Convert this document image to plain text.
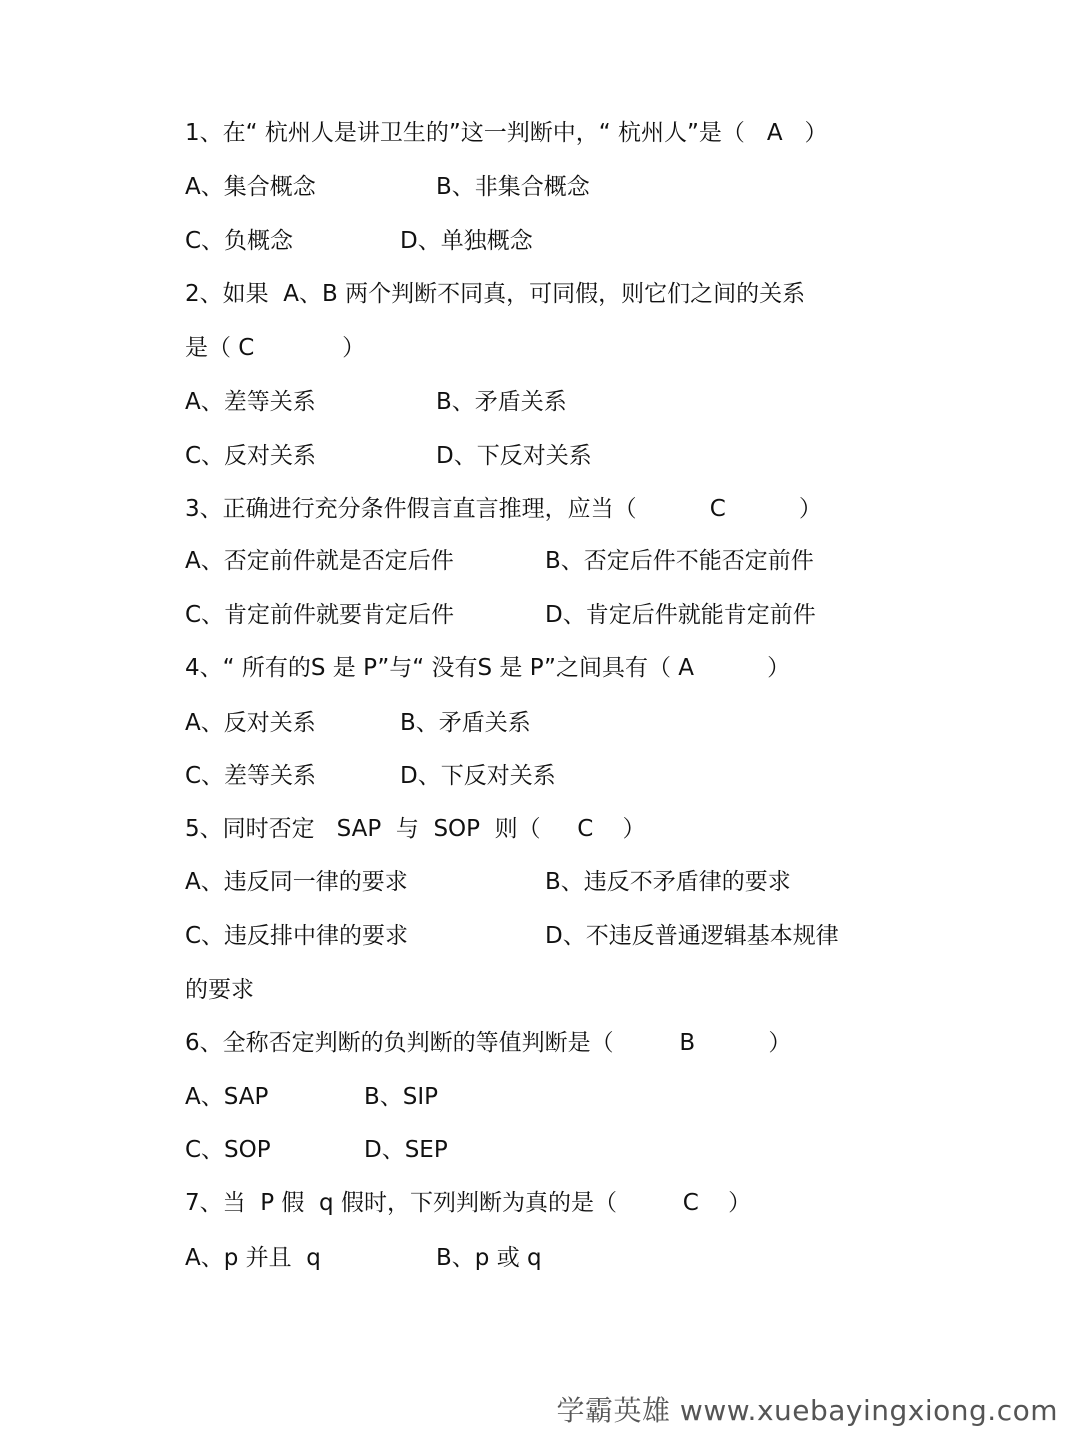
1、在“ 杭州人是讲卫生的”这一判断中，“ 杭州人”是（   A   ）
A、集合概念	B、非集合概念
C、负概念	D、单独概念
2、如果  A、B 两个判断不同真，可同假，则它们之间的关系
是（ C            ）
A、差等关系	B、矛盾关系
C、反对关系	D、下反对关系
3、正确进行充分条件假言直言推理，应当（          C          ）
A、否定前件就是否定后件	B、否定后件不能否定前件
C、肯定前件就要肯定后件	D、肯定后件就能肯定前件
4、“ 所有的S 是 P”与“ 没有S 是 P”之间具有（ A          ）
A、反对关系	B、矛盾关系
C、差等关系	D、下反对关系
5、同时否定   SAP  与  SOP  则（     C    ）
A、违反同一律的要求	B、违反不矛盾律的要求
C、违反排中律的要求	D、不违反普通逻辑基本规律
的要求
6、全称否定判断的负判断的等值判断是（         B          ）
A、SAP	B、SIP
C、SOP	D、SEP
7、当  P 假  q 假时，下列判断为真的是（         C    ）
A、p 并且  q	B、p 或 q
学霸英雄 www.xuebayingxiong.com
